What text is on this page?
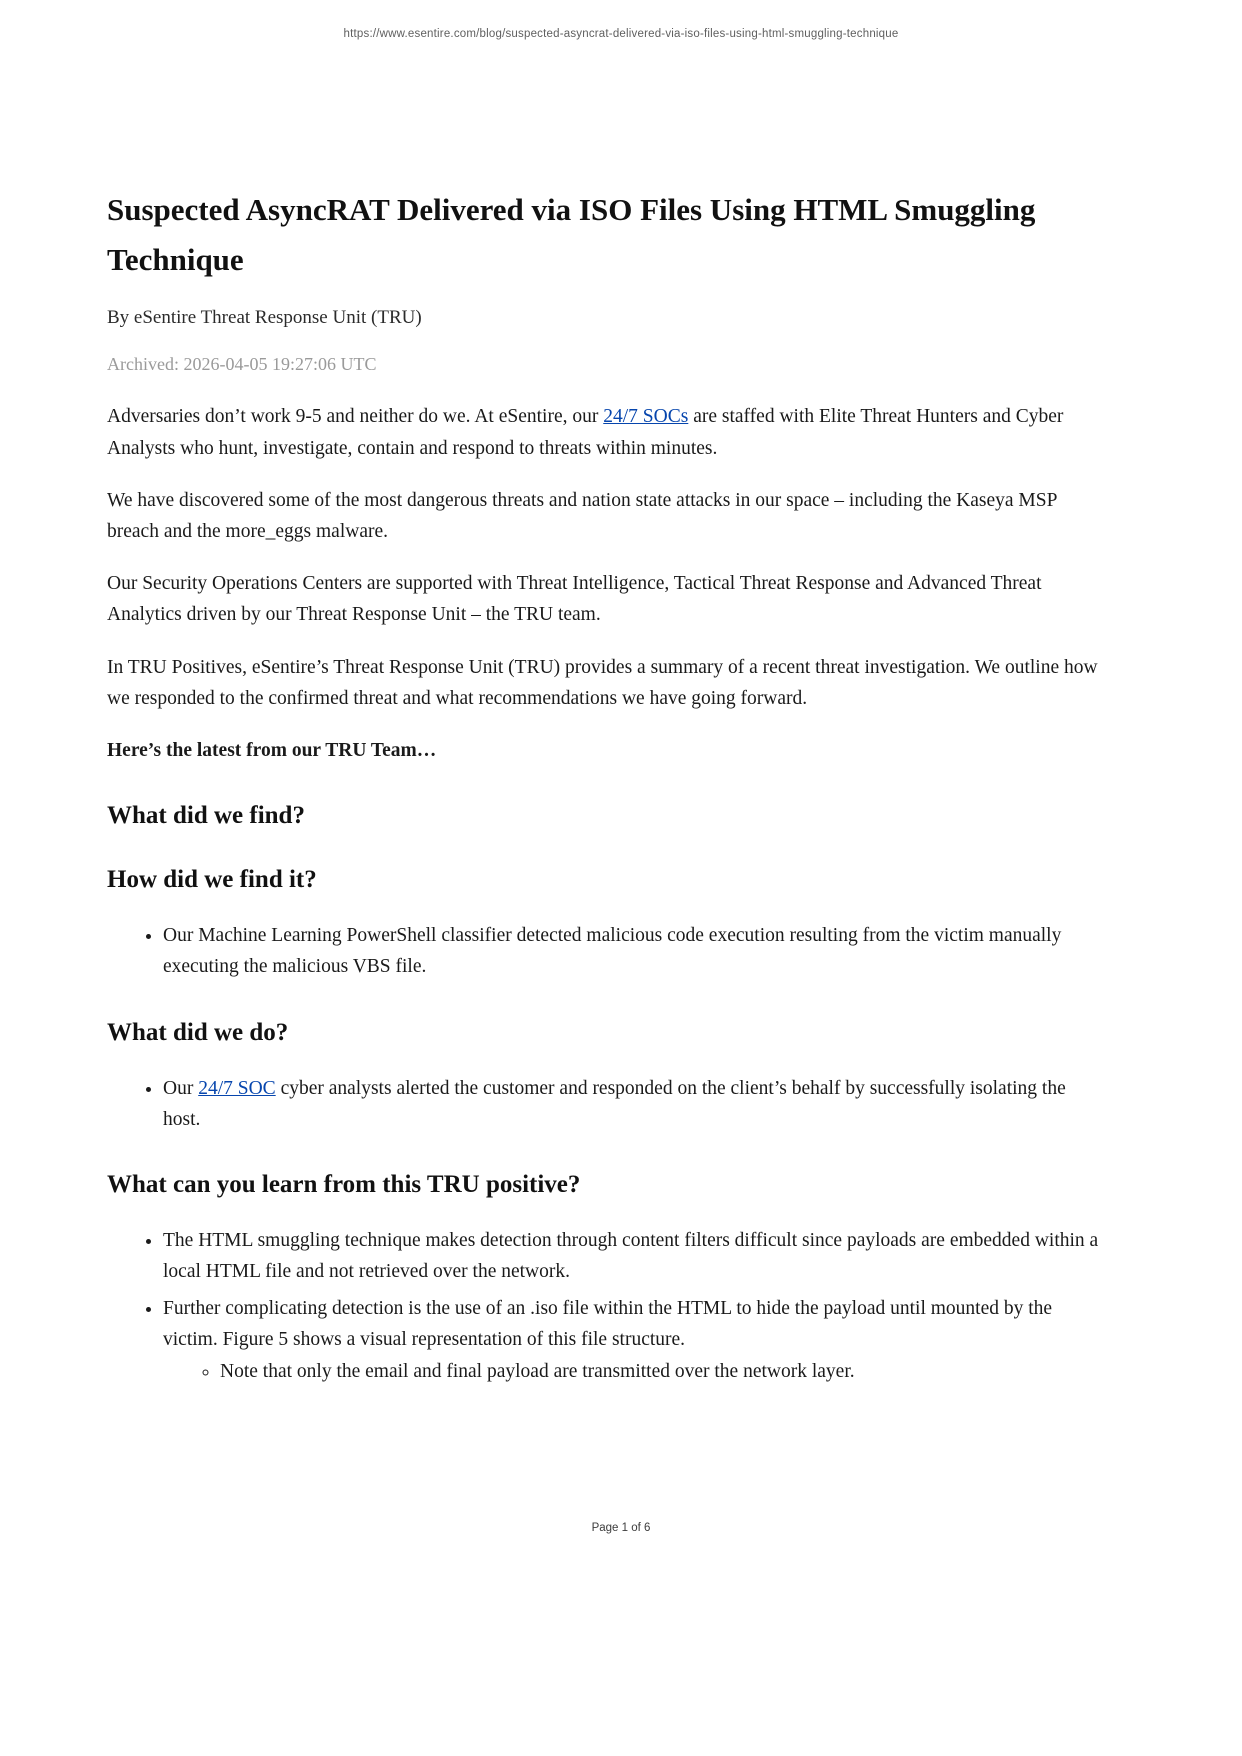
https://www.esentire.com/blog/suspected-asyncrat-delivered-via-iso-files-using-html-smuggling-technique
Suspected AsyncRAT Delivered via ISO Files Using HTML Smuggling Technique

By eSentire Threat Response Unit (TRU)

Archived: 2026-04-05 19:27:06 UTC

Adversaries don’t work 9-5 and neither do we. At eSentire, our 24/7 SOCs are staffed with Elite Threat Hunters and Cyber Analysts who hunt, investigate, contain and respond to threats within minutes.

We have discovered some of the most dangerous threats and nation state attacks in our space – including the Kaseya MSP breach and the more_eggs malware.

Our Security Operations Centers are supported with Threat Intelligence, Tactical Threat Response and Advanced Threat Analytics driven by our Threat Response Unit – the TRU team.

In TRU Positives, eSentire’s Threat Response Unit (TRU) provides a summary of a recent threat investigation. We outline how we responded to the confirmed threat and what recommendations we have going forward.

Here’s the latest from our TRU Team…

What did we find?
How did we find it?
• Our Machine Learning PowerShell classifier detected malicious code execution resulting from the victim manually executing the malicious VBS file.
What did we do?
• Our 24/7 SOC cyber analysts alerted the customer and responded on the client’s behalf by successfully isolating the host.
What can you learn from this TRU positive?
• The HTML smuggling technique makes detection through content filters difficult since payloads are embedded within a local HTML file and not retrieved over the network.
• Further complicating detection is the use of an .iso file within the HTML to hide the payload until mounted by the victim. Figure 5 shows a visual representation of this file structure.
◦ Note that only the email and final payload are transmitted over the network layer.
Page 1 of 6
